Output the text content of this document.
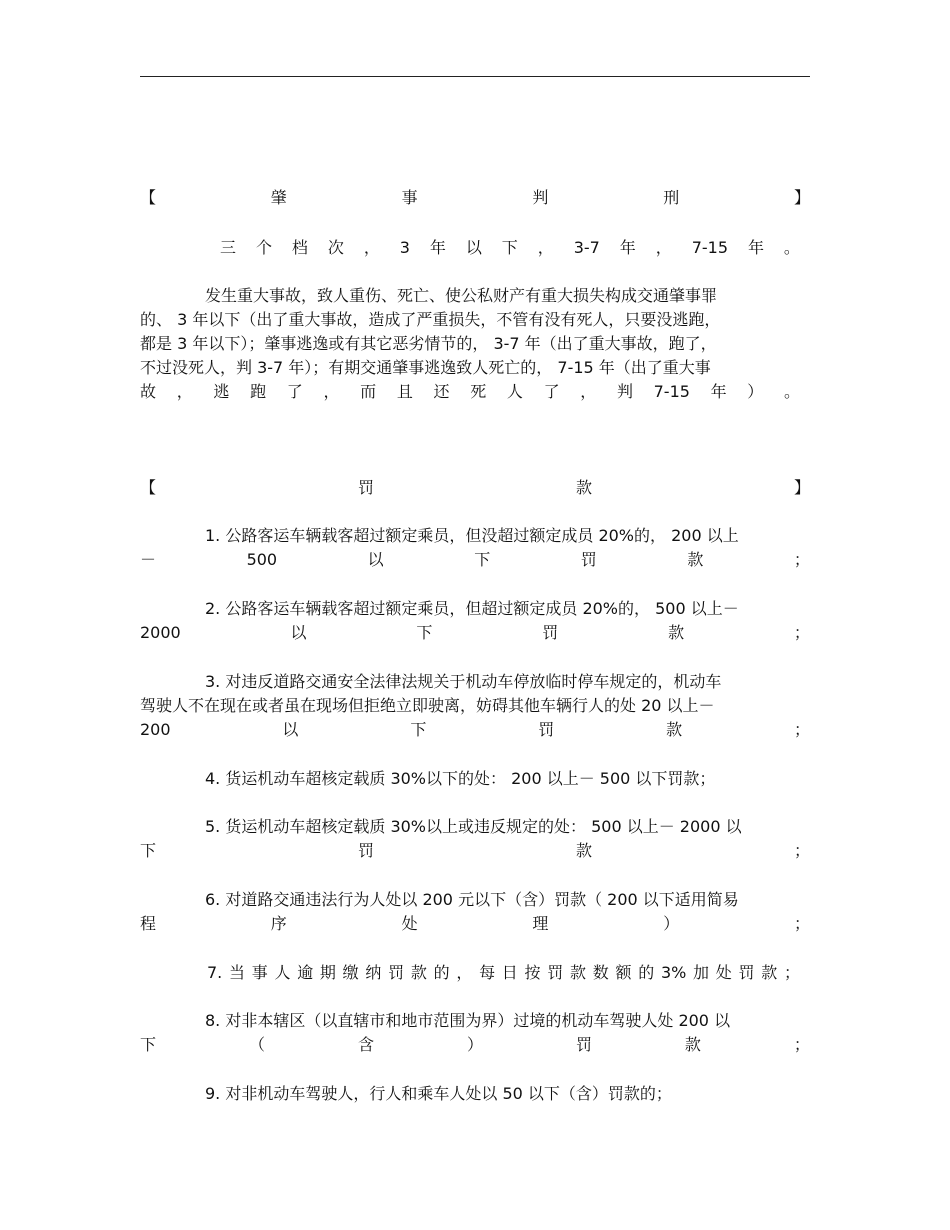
【	肇	事	判	刑	】
三 个 档 次 ， 3 年 以 下 ， 3-7 年 ， 7-15 年 。
发生重大事故，致人重伤、死亡、使公私财产有重大损失构成交通肇事罪
的、 3 年以下（出了重大事故，造成了严重损失，不管有没有死人，只要没逃跑，
都是 3 年以下）；肇事逃逸或有其它恶劣情节的， 3-7 年（出了重大事故，跑了，
不过没死人，判 3-7 年）；有期交通肇事逃逸致人死亡的， 7-15 年（出了重大事
故 ， 逃 跑 了 ， 而 且 还 死 人 了 ， 判 7-15 年 ） 。
【	罚	款	】
1. 公路客运车辆载客超过额定乘员，但没超过额定成员 20%的， 200 以上
－	500	以	下	罚	款	；
2. 公路客运车辆载客超过额定乘员，但超过额定成员 20%的， 500 以上－
2000	以	下	罚	款	；
3. 对违反道路交通安全法律法规关于机动车停放临时停车规定的，机动车
驾驶人不在现在或者虽在现场但拒绝立即驶离，妨碍其他车辆行人的处 20 以上－
200	以	下	罚	款	；
4. 货运机动车超核定载质 30%以下的处： 200 以上－ 500 以下罚款；
5. 货运机动车超核定载质 30%以上或违反规定的处： 500 以上－ 2000 以
下	罚	款	；
6. 对道路交通违法行为人处以 200 元以下（含）罚款（ 200 以下适用简易
程	序	处	理	）	；
7. 当 事 人 逾 期 缴 纳 罚 款 的 ， 每 日 按 罚 款 数 额 的 3% 加 处 罚 款 ；
8. 对非本辖区（以直辖市和地市范围为界）过境的机动车驾驶人处 200 以
下	（	含	）	罚	款	；
9. 对非机动车驾驶人，行人和乘车人处以 50 以下（含）罚款的；
